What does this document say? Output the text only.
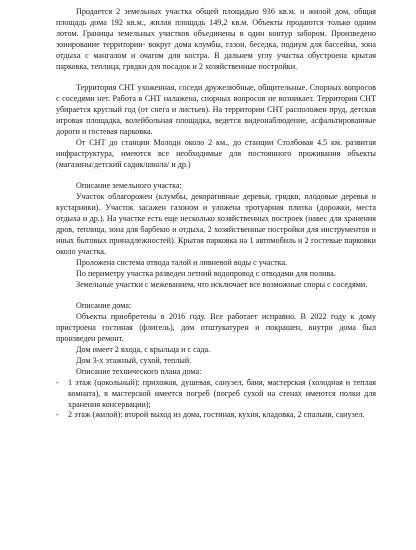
Продается 2 земельных участка общей площадью 936 кв.м. и жилой дом, общая площадь дома 192 кв.м., жилая площадь 149,2 кв.м. Объекты продаются только одним лотом. Границы земельных участков объединены в один контур забором. Произведено зонирование территории- вокруг дома клумбы, газон, беседка, подиум для бассейна, зона отдыха с мангалом и очагом для костра. В дальнем углу участка обустроена крытая парковка, теплица, грядки для посадок и 2 хозяйственные постройки.

Территория СНТ ухоженная, соседи дружелюбные, общительные. Спорных вопросов с соседями нет. Работа в СНТ налажена, спорных вопросов не возникает. Территория СНТ убирается круглый год (от снега и листьев). На территории СНТ расположен пруд, детская игровая площадка, волейбольная площадка, ведется видеонаблюдение, асфальтированные дороги и гостевая парковка.

От СНТ до станции Молоди около 2 км., до станции Столбовая 4.5 км. развитая инфраструктура, имеются все необходимые для постоянного проживания объекты (магазины/детский садик/школа/ и др.)

Описание земельного участка:

Участок облагорожен (клумбы, декоративные деревья, грядки, плодовые деревья и кустарники). Участок засажен газоном и уложена тротуарная плитка (дорожки, места отдыха и др.). На участке есть еще несколько хозяйственных построек (навес для хранения дров, теплица, зона для барбекю и отдыха, 2 хозяйственные постройки для инструментов и иных бытовых принадлежностей). Крытая парковка на 1 автомобиль и 2 гостевые парковки около участка.

Проложена система отвода талой и ливневой воды с участка.

По периметру участка разведен летний водопровод с отводами для полива.

Земельные участки с межеванием, что исключает все возможные споры с соседями.

Описание дома:

Объекты приобретены в 2016 году. Все работает исправно. В 2022 году к дому пристроена гостиная (флигель), дом отштукатурен и покрашен, внутри дома был произведен ремонт.

Дом имеет 2 входа, с крыльца и с сада.

Дом 3-х этажный, сухой, теплый.

Описание технического плана дома:

- 1 этаж (цокольный): прихожая, душевая, санузел, баня, мастерская (холодная и теплая комната), в мастерской имеется погреб (погреб сухой на стенах имеются полки для хранения консервации);
- 2 этаж (жилой): второй выход из дома, гостиная, кухня, кладовка, 2 спальни, санузел.
